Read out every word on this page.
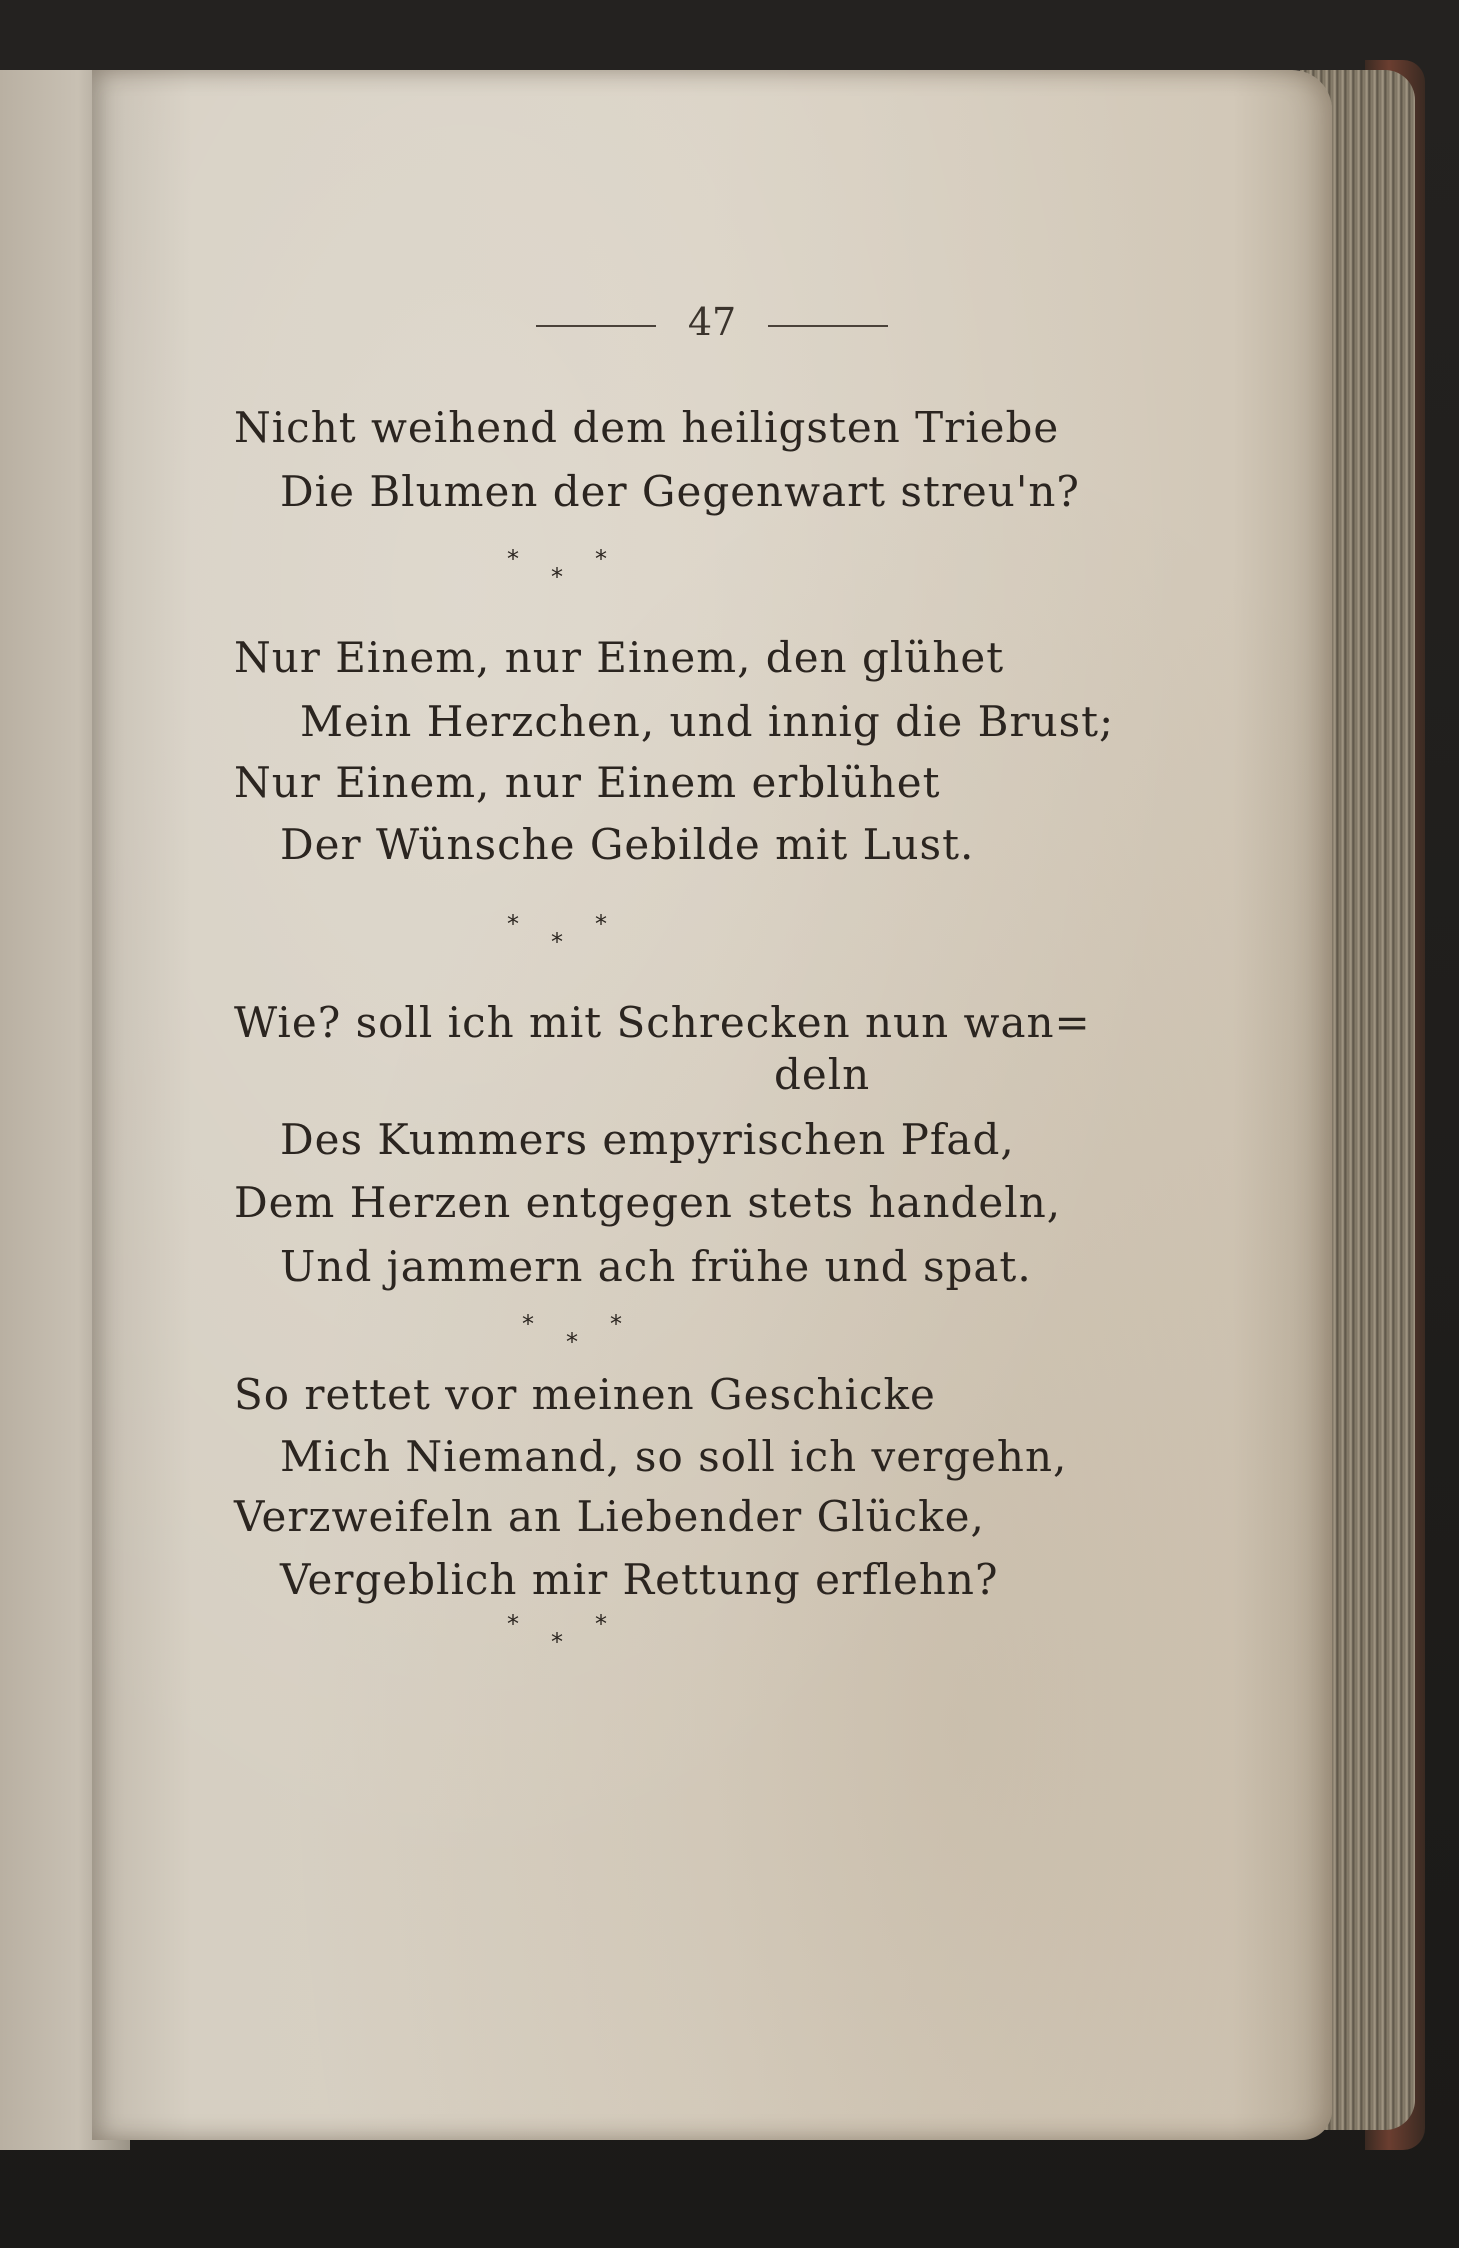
47
Nicht weihend dem heiligsten Triebe
Die Blumen der Gegenwart streu'n?
*
*
*
Nur Einem, nur Einem, den glühet
Mein Herzchen, und innig die Brust;
Nur Einem, nur Einem erblühet
Der Wünsche Gebilde mit Lust.
*
*
*
Wie? soll ich mit Schrecken nun wan=
deln
Des Kummers empyrischen Pfad,
Dem Herzen entgegen stets handeln,
Und jammern ach frühe und spat.
*
*
*
So rettet vor meinen Geschicke
Mich Niemand, so soll ich vergehn,
Verzweifeln an Liebender Glücke,
Vergeblich mir Rettung erflehn?
*
*
*
